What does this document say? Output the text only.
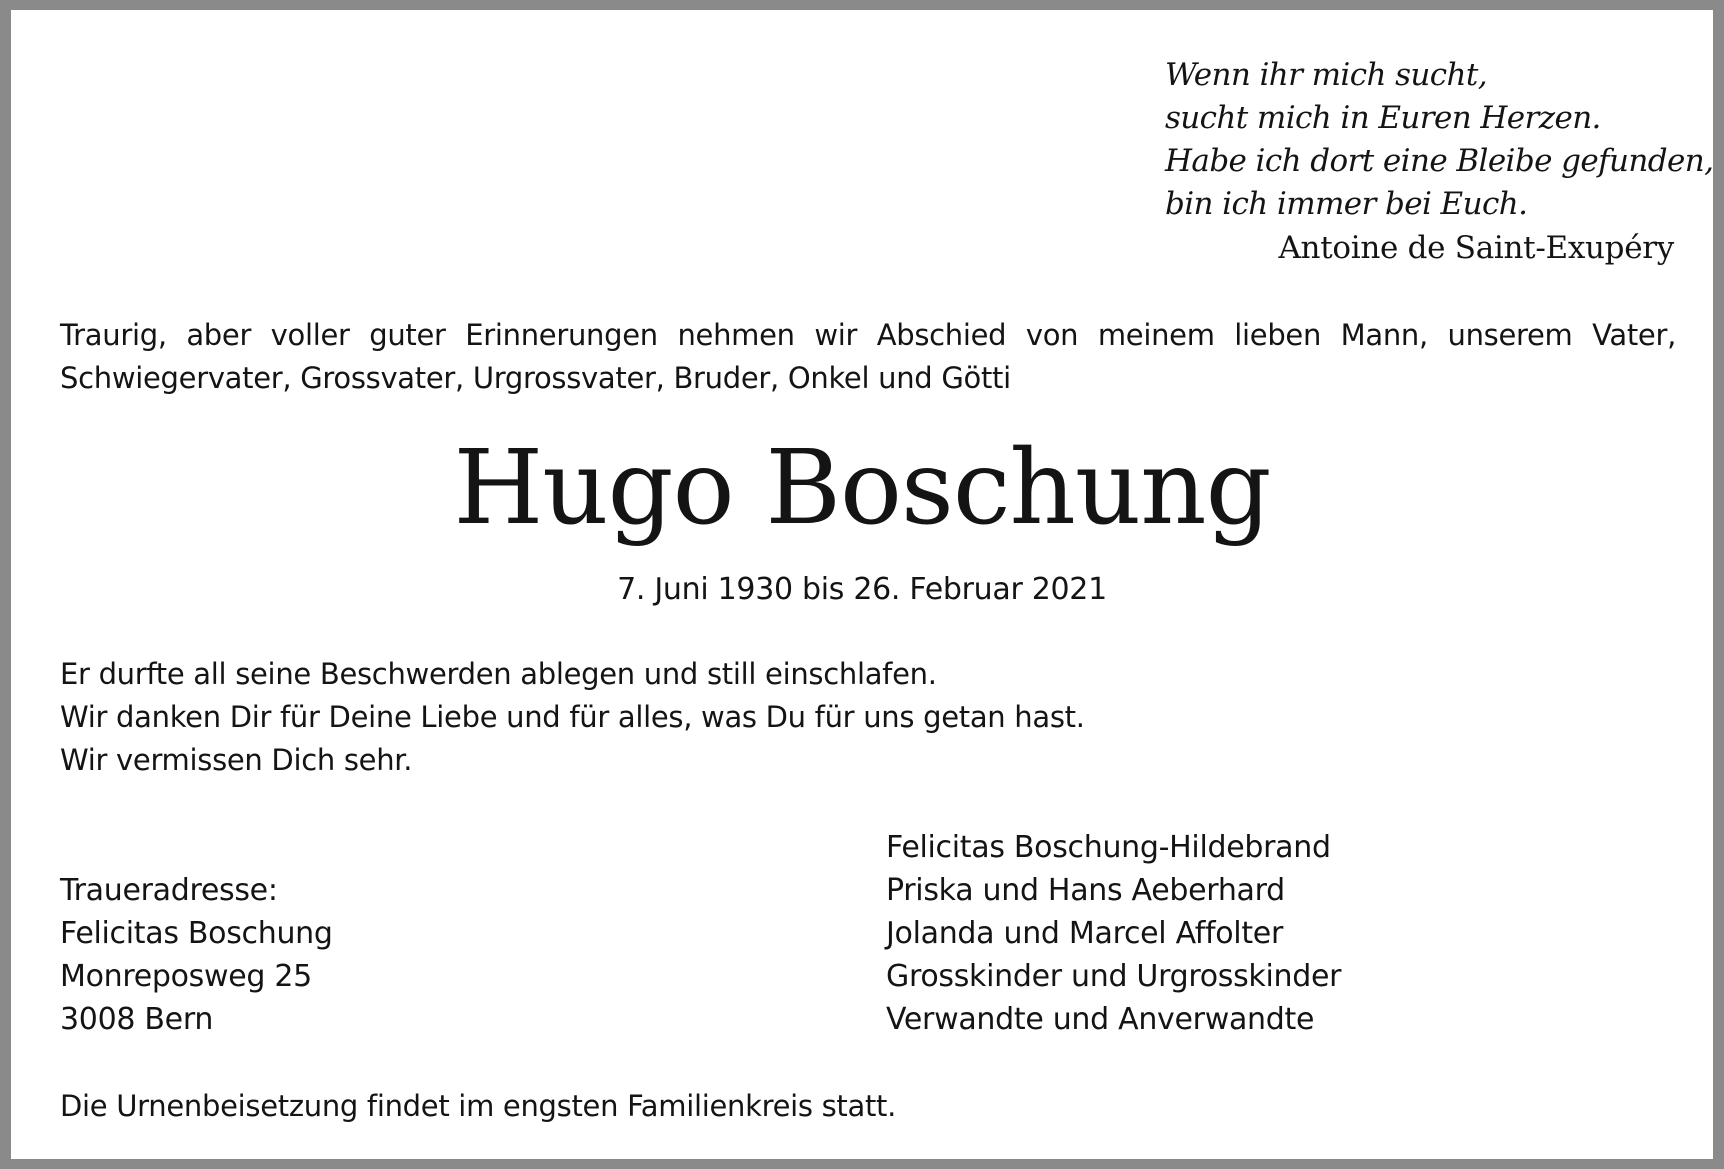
Wenn ihr mich sucht,
sucht mich in Euren Herzen.
Habe ich dort eine Bleibe gefunden,
bin ich immer bei Euch.
Antoine de Saint-Exupéry
Traurig, aber voller guter Erinnerungen nehmen wir Abschied von meinem lieben Mann, unserem Vater, Schwiegervater, Grossvater, Urgrossvater, Bruder, Onkel und Götti
Hugo Boschung
7. Juni 1930 bis 26. Februar 2021
Er durfte all seine Beschwerden ablegen und still einschlafen.
Wir danken Dir für Deine Liebe und für alles, was Du für uns getan hast.
Wir vermissen Dich sehr.
Traueradresse:
Felicitas Boschung
Monreposweg 25
3008 Bern
Felicitas Boschung-Hildebrand
Priska und Hans Aeberhard
Jolanda und Marcel Affolter
Grosskinder und Urgrosskinder
Verwandte und Anverwandte
Die Urnenbeisetzung findet im engsten Familienkreis statt.
